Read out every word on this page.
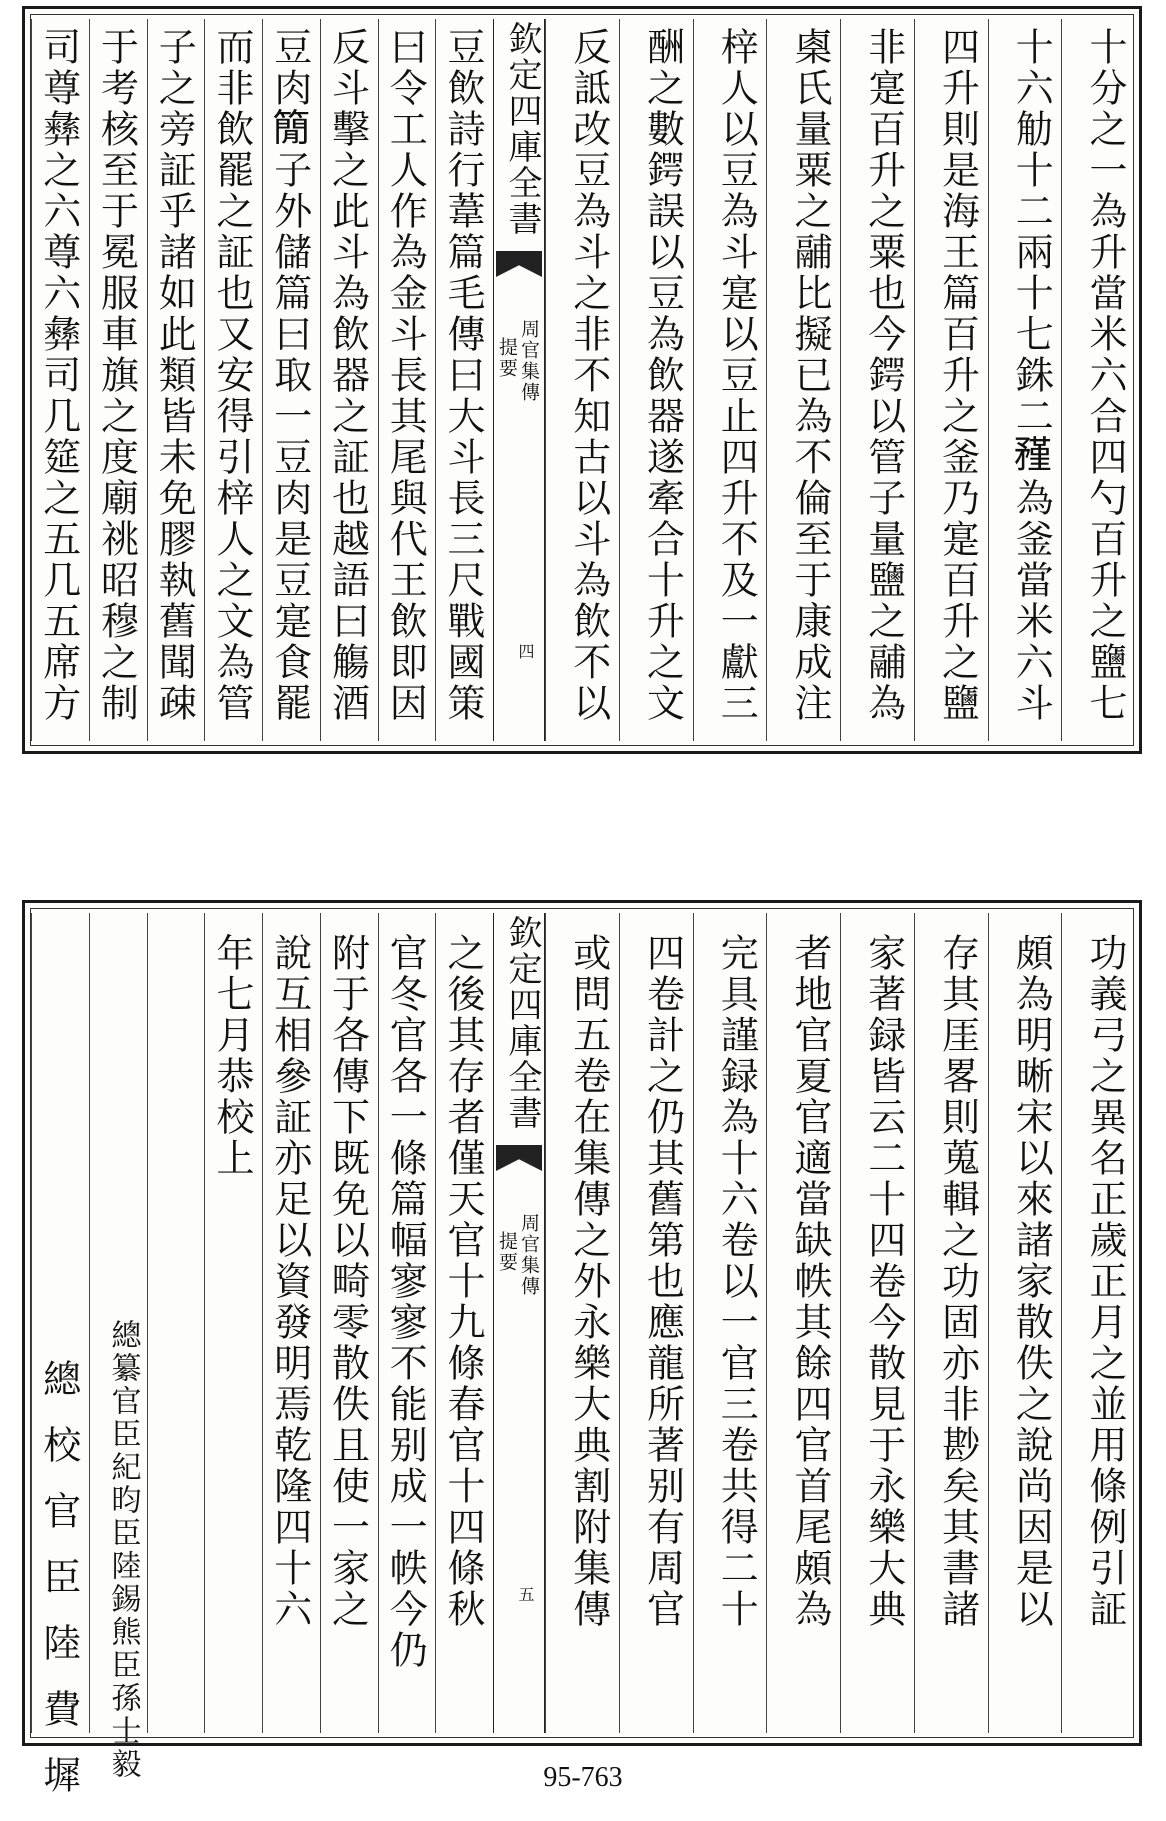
十分之一為升當米六合四勺百升之鹽七
十六觔十二兩十七銖二𥎊為釜當米六斗
四升則是海王篇百升之釜乃寔百升之鹽
非寔百升之粟也今鍔以管子量鹽之鬴為
㮚氏量粟之鬴比擬已為不倫至于康成注
梓人以豆為斗寔以豆止四升不及一獻三
酬之數鍔誤以豆為飲器遂牽合十升之文
反詆改豆為斗之非不知古以斗為飲不以
豆飲詩行葦篇毛傳曰大斗長三尺戰國策
曰令工人作為金斗長其尾與代王飲即因
反斗擊之此斗為飲器之証也越語曰觴酒
豆肉𥳑子外儲篇曰取一豆肉是豆寔食罷
而非飲罷之証也又安得引梓人之文為管
子之旁証乎諸如此類皆未免膠執舊聞疎
于考核至于冕服車旗之度廟祧昭穆之制
司尊彝之六尊六彝司几筵之五几五席方	欽定四庫全書
周官集傳
提要
四
功義弓之異名正歲正月之並用條例引証
頗為明晰宋以來諸家散佚之說尚因是以
存其厓畧則蒐輯之功固亦非尠矣其書諸
家著録皆云二十四卷今散見于永樂大典
者地官夏官適當缺帙其餘四官首尾頗為
完具謹録為十六卷以一官三卷共得二十
四卷計之仍其舊第也應龍所著别有周官
或問五卷在集傳之外永樂大典割附集傳
之後其存者僅天官十九條春官十四條秋
官冬官各一條篇幅寥寥不能别成一帙今仍
附于各傳下既免以畸零散佚且使一家之
說互相參証亦足以資發明焉乾隆四十六
年七月恭校上
總纂官臣紀昀臣陸錫熊臣孫士毅
總校官臣陸費墀
欽定四庫全書
周官集傳
提要
五
95-763
